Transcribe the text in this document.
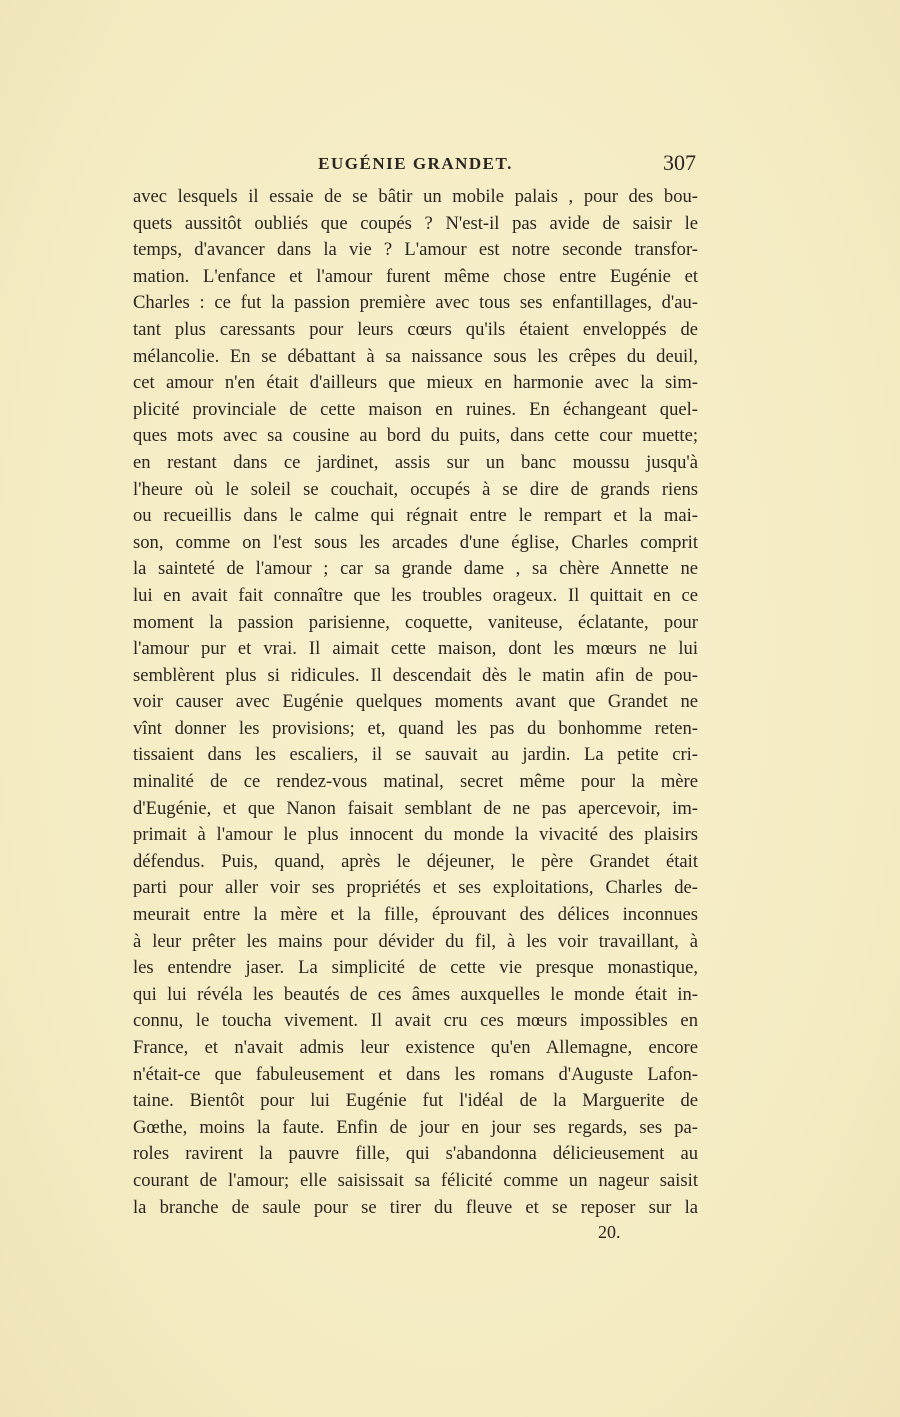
EUGÉNIE GRANDET.	307
avec lesquels il essaie de se bâtir un mobile palais , pour des bou-
quets aussitôt oubliés que coupés ? N'est-il pas avide de saisir le
temps, d'avancer dans la vie ? L'amour est notre seconde transfor-
mation. L'enfance et l'amour furent même chose entre Eugénie et
Charles : ce fut la passion première avec tous ses enfantillages, d'au-
tant plus caressants pour leurs cœurs qu'ils étaient enveloppés de
mélancolie. En se débattant à sa naissance sous les crêpes du deuil,
cet amour n'en était d'ailleurs que mieux en harmonie avec la sim-
plicité provinciale de cette maison en ruines. En échangeant quel-
ques mots avec sa cousine au bord du puits, dans cette cour muette;
en restant dans ce jardinet, assis sur un banc moussu jusqu'à
l'heure où le soleil se couchait, occupés à se dire de grands riens
ou recueillis dans le calme qui régnait entre le rempart et la mai-
son, comme on l'est sous les arcades d'une église, Charles comprit
la sainteté de l'amour ; car sa grande dame , sa chère Annette ne
lui en avait fait connaître que les troubles orageux. Il quittait en ce
moment la passion parisienne, coquette, vaniteuse, éclatante, pour
l'amour pur et vrai. Il aimait cette maison, dont les mœurs ne lui
semblèrent plus si ridicules. Il descendait dès le matin afin de pou-
voir causer avec Eugénie quelques moments avant que Grandet ne
vînt donner les provisions; et, quand les pas du bonhomme reten-
tissaient dans les escaliers, il se sauvait au jardin. La petite cri-
minalité de ce rendez-vous matinal, secret même pour la mère
d'Eugénie, et que Nanon faisait semblant de ne pas apercevoir, im-
primait à l'amour le plus innocent du monde la vivacité des plaisirs
défendus. Puis, quand, après le déjeuner, le père Grandet était
parti pour aller voir ses propriétés et ses exploitations, Charles de-
meurait entre la mère et la fille, éprouvant des délices inconnues
à leur prêter les mains pour dévider du fil, à les voir travaillant, à
les entendre jaser. La simplicité de cette vie presque monastique,
qui lui révéla les beautés de ces âmes auxquelles le monde était in-
connu, le toucha vivement. Il avait cru ces mœurs impossibles en
France, et n'avait admis leur existence qu'en Allemagne, encore
n'était-ce que fabuleusement et dans les romans d'Auguste Lafon-
taine. Bientôt pour lui Eugénie fut l'idéal de la Marguerite de
Gœthe, moins la faute. Enfin de jour en jour ses regards, ses pa-
roles ravirent la pauvre fille, qui s'abandonna délicieusement au
courant de l'amour; elle saisissait sa félicité comme un nageur saisit
la branche de saule pour se tirer du fleuve et se reposer sur la
20.
